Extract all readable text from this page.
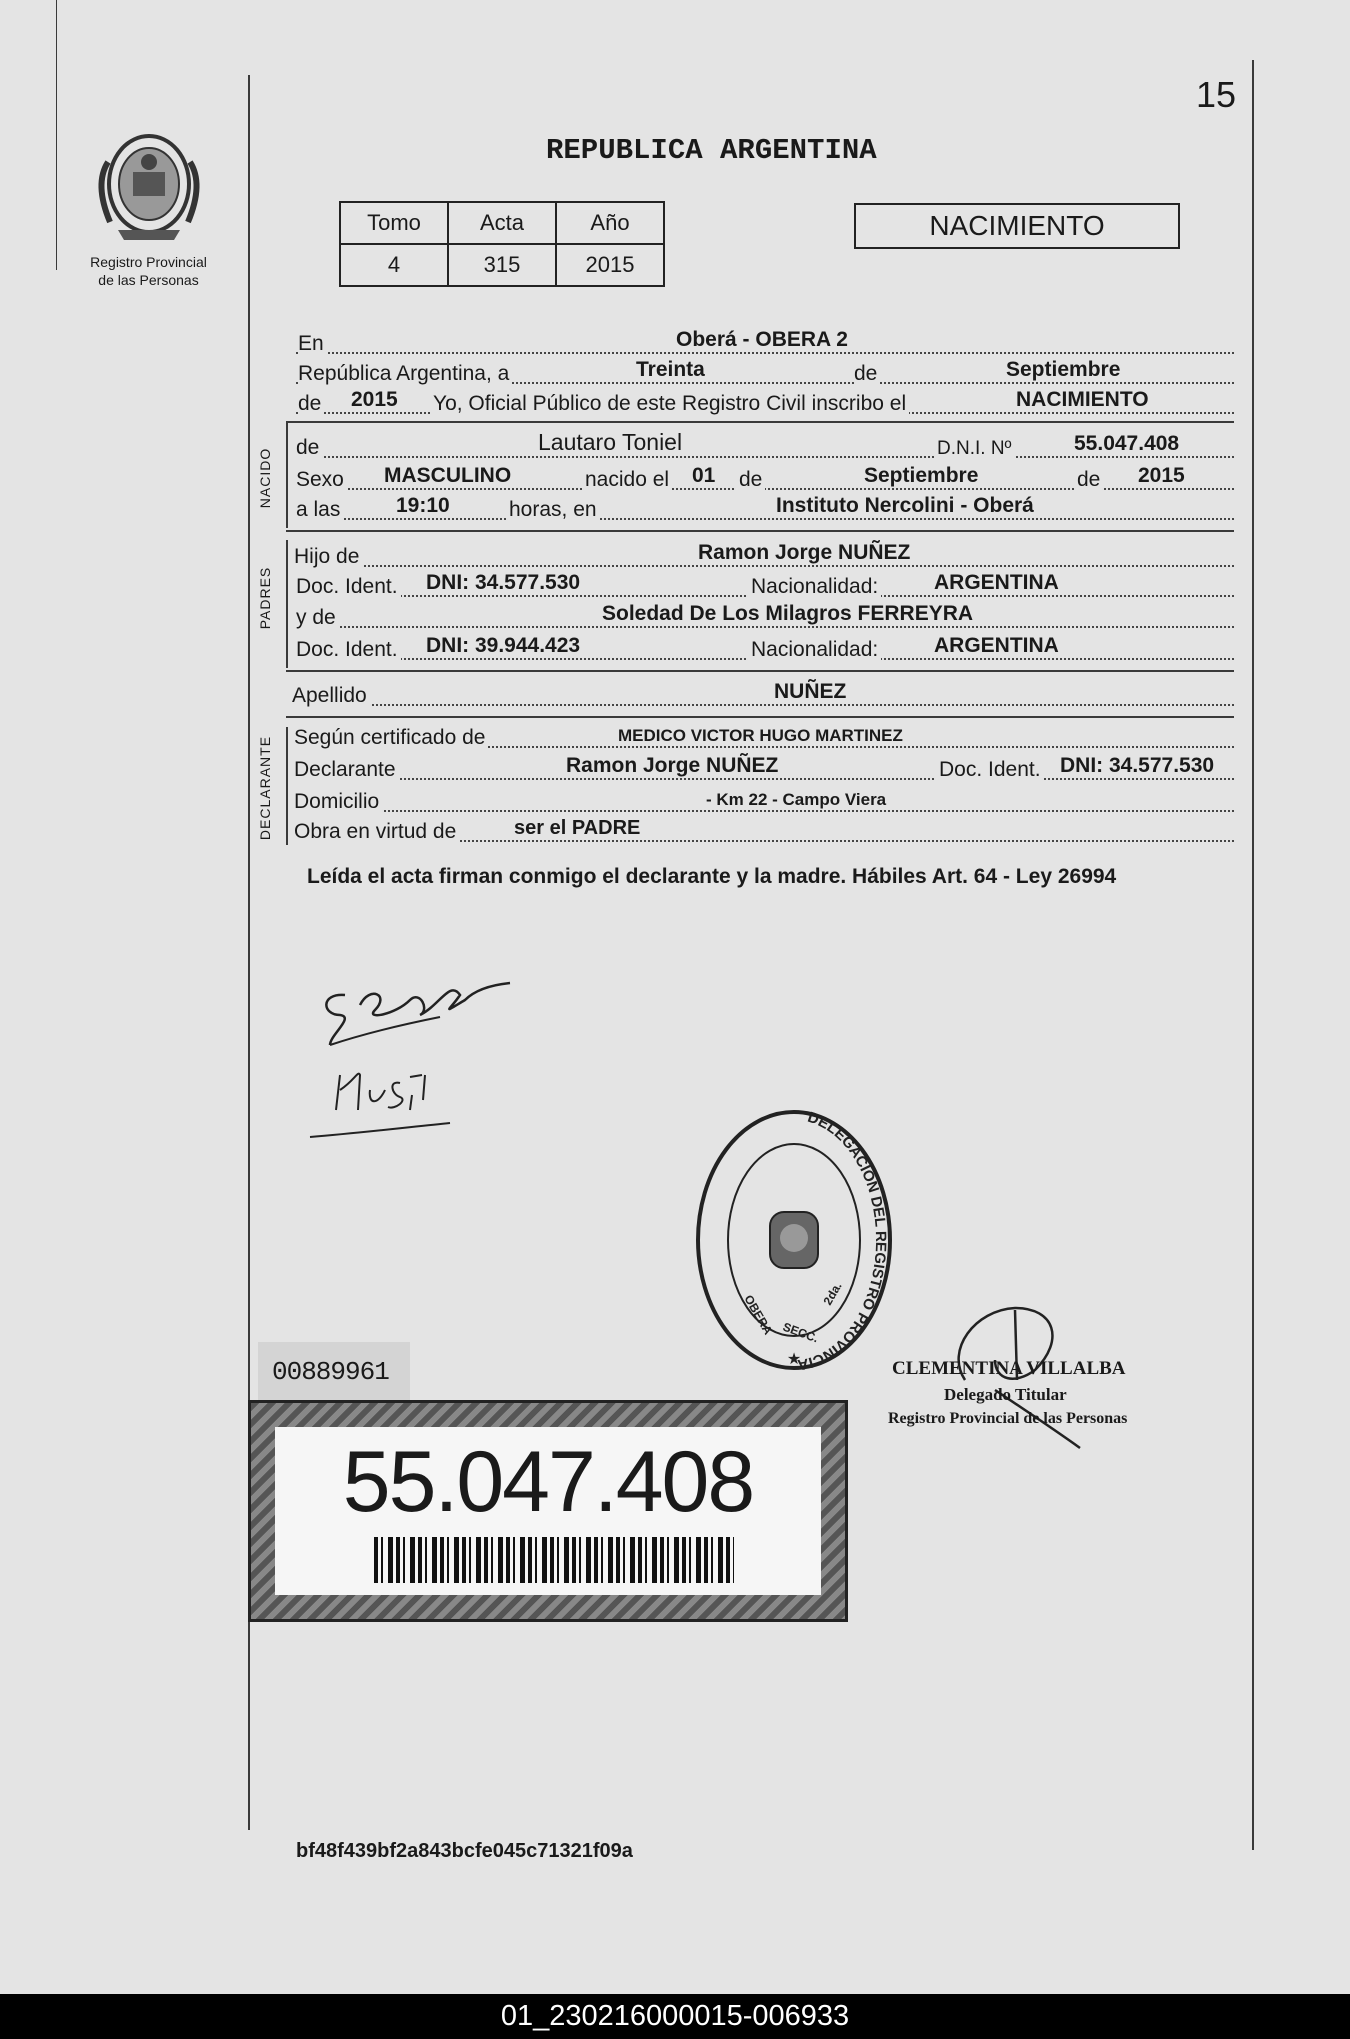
15
Registro Provincial
de las Personas
REPUBLICA ARGENTINA
Tomo	Acta	Año
4	315	2015
NACIMIENTO
En	Oberá - OBERA 2
República Argentina, a	Treinta	de	Septiembre
de 2015 Yo, Oficial Público de este Registro Civil inscribo el	NACIMIENTO
NACIDO
de	Lautaro Toniel	D.N.I. Nº	55.047.408
Sexo MASCULINO	nacido el 01 de	Septiembre	de 2015
a las	19:10	horas, en	Instituto Nercolini - Oberá
PADRES
Hijo de	Ramon Jorge NUÑEZ
Doc. Ident. DNI: 34.577.530	Nacionalidad:	ARGENTINA
y de	Soledad De Los Milagros FERREYRA
Doc. Ident. DNI: 39.944.423	Nacionalidad:	ARGENTINA
Apellido	NUÑEZ
DECLARANTE Según certificado de	MEDICO VICTOR HUGO MARTINEZ
Declarante	Ramon Jorge NUÑEZ	Doc. Ident. DNI: 34.577.530
Domicilio	- Km 22 - Campo Viera
Obra en virtud de	ser el PADRE
Leída el acta firman conmigo el declarante y la madre. Hábiles Art. 64 - Ley 26994
DELEGACION DEL REGISTRO PROVINCIA
OBERA	2da.
SECC.
★	CLEMENTINA VILLALBA
Delegado Titular
Registro Provincial de las Personas
00889961
55.047.408
bf48f439bf2a843bcfe045c71321f09a
01_230216000015-006933
